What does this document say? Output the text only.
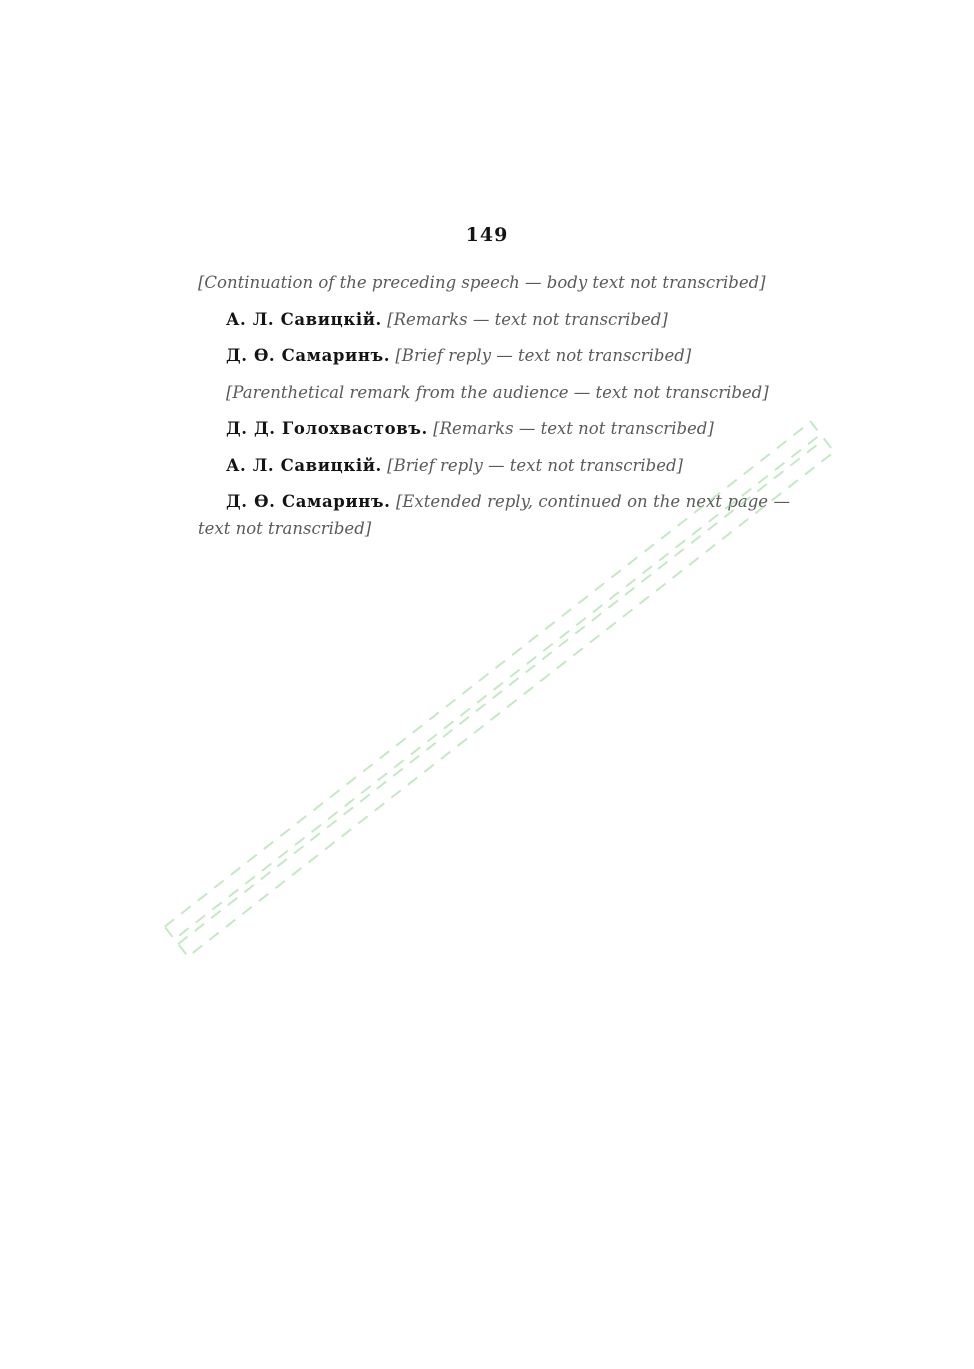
149

[Continuation of the preceding speech — body text not transcribed]

А. Л. Савицкій. [Remarks — text not transcribed]

Д. Ѳ. Самаринъ. [Brief reply — text not transcribed]

[Parenthetical remark from the audience — text not transcribed]

Д. Д. Голохвастовъ. [Remarks — text not transcribed]

А. Л. Савицкій. [Brief reply — text not transcribed]

Д. Ѳ. Самаринъ. [Extended reply, continued on the next page — text not transcribed]
